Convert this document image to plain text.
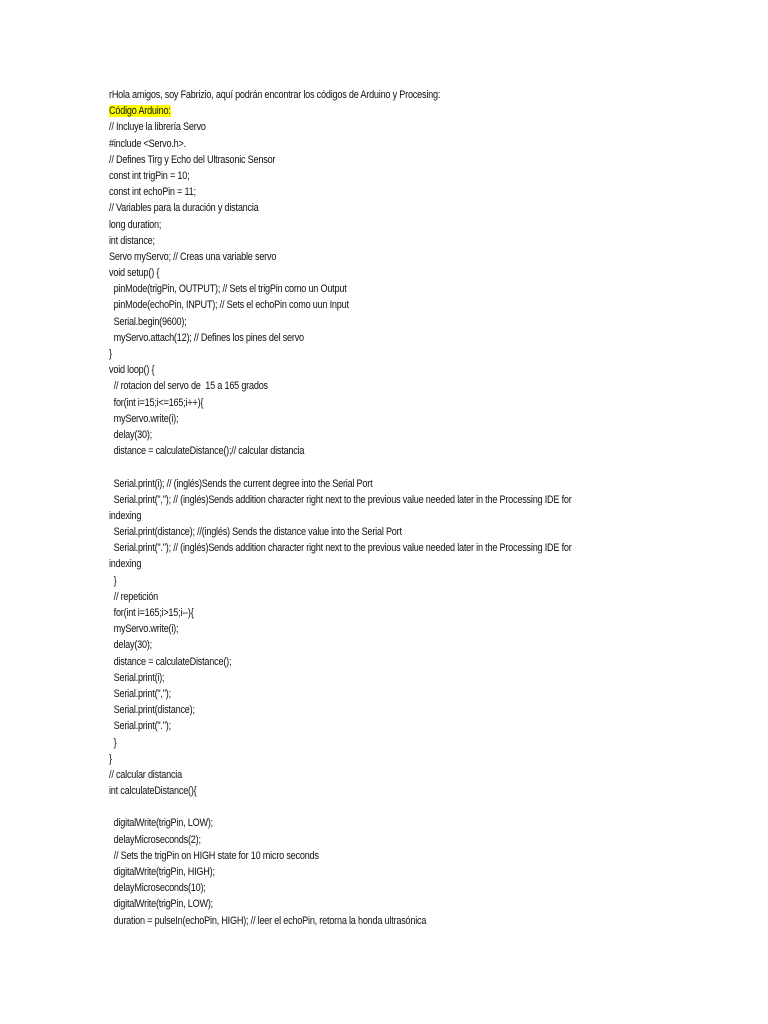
rHola amigos, soy Fabrizio, aquí podrán encontrar los códigos de Arduino y Procesing:
Código Arduino:
// Incluye la librería Servo
#include <Servo.h>.
// Defines Tirg y Echo del Ultrasonic Sensor
const int trigPin = 10;
const int echoPin = 11;
// Variables para la duración y distancia
long duration;
int distance;
Servo myServo; // Creas una variable servo
void setup() {
pinMode(trigPin, OUTPUT); // Sets el trigPin como un Output
pinMode(echoPin, INPUT); // Sets el echoPin como uun Input
Serial.begin(9600);
myServo.attach(12); // Defines los pines del servo
}
void loop() {
// rotacion del servo de  15 a 165 grados
for(int i=15;i<=165;i++){
myServo.write(i);
delay(30);
distance = calculateDistance();// calcular distancia
Serial.print(i); // (inglés)Sends the current degree into the Serial Port
Serial.print(","); // (inglés)Sends addition character right next to the previous value needed later in the Processing IDE for
indexing
Serial.print(distance); //(inglés) Sends the distance value into the Serial Port
Serial.print("."); // (inglés)Sends addition character right next to the previous value needed later in the Processing IDE for
indexing
}
// repetición
for(int i=165;i>15;i--){
myServo.write(i);
delay(30);
distance = calculateDistance();
Serial.print(i);
Serial.print(",");
Serial.print(distance);
Serial.print(".");
}
}
// calcular distancia
int calculateDistance(){
digitalWrite(trigPin, LOW);
delayMicroseconds(2);
// Sets the trigPin on HIGH state for 10 micro seconds
digitalWrite(trigPin, HIGH);
delayMicroseconds(10);
digitalWrite(trigPin, LOW);
duration = pulseIn(echoPin, HIGH); // leer el echoPin, retorna la honda ultrasónica
